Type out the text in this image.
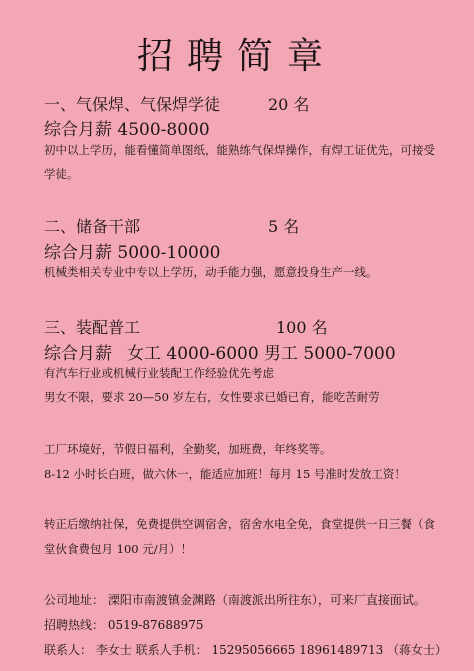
招聘简章
一、气保焊、气保焊学徒	20 名
综合月薪 4500-8000
初中以上学历，能看懂简单图纸，能熟练气保焊操作，有焊工证优先，可接受
学徒。
二、储备干部	5 名
综合月薪 5000-10000
机械类相关专业中专以上学历，动手能力强，愿意投身生产一线。
三、装配普工	100 名
综合月薪 女工 4000-6000 男工 5000-7000
有汽车行业或机械行业装配工作经验优先考虑
男女不限，要求 20—50 岁左右，女性要求已婚已育，能吃苦耐劳
工厂环境好，节假日福利，全勤奖，加班费，年终奖等。
8-12 小时长白班，做六休一，能适应加班！每月 15 号准时发放工资！
转正后缴纳社保，免费提供空调宿舍，宿舍水电全免，食堂提供一日三餐（食
堂伙食费包月 100 元/月）！
公司地址： 溧阳市南渡镇金渊路（南渡派出所往东），可来厂直接面试。
招聘热线： 0519-87688975
联系人： 李女士 联系人手机： 15295056665 18961489713 （蒋女士）
